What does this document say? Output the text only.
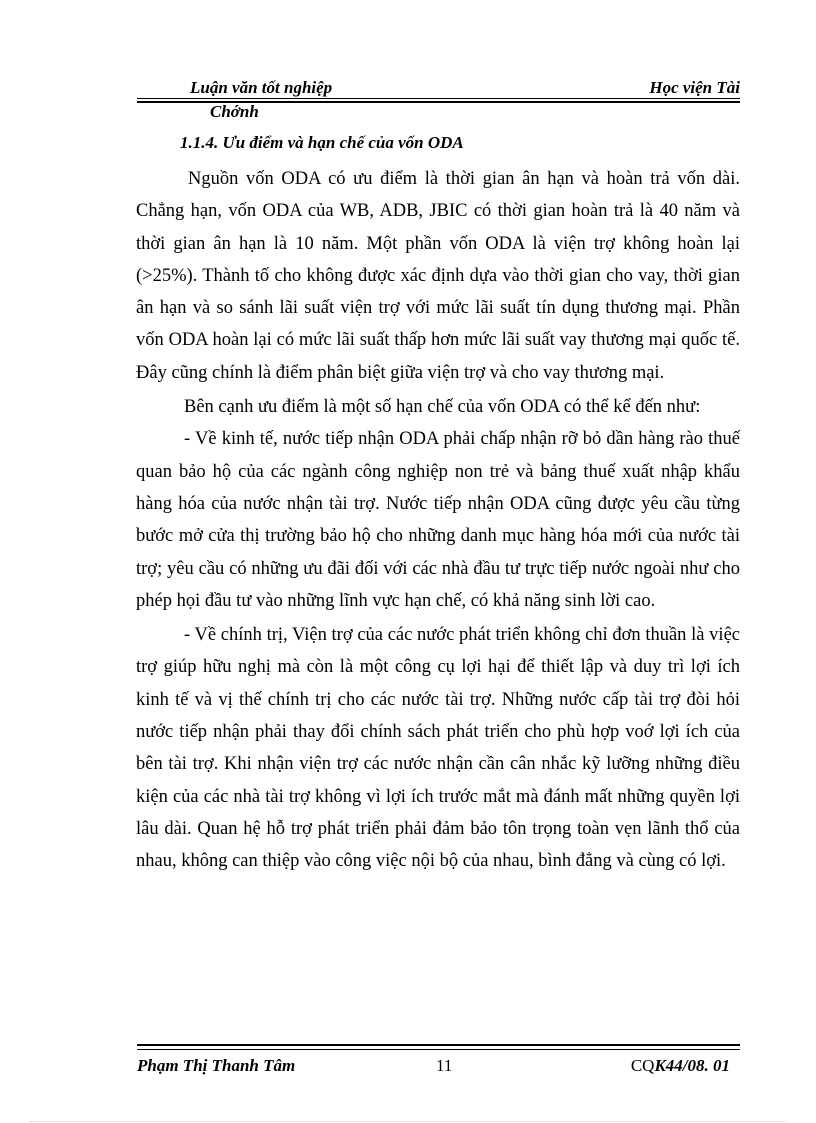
Luận văn tốt nghiệp	Học viện Tài
Chớnh
1.1.4. Ưu điểm và hạn chế của vốn ODA

Nguồn vốn ODA có ưu điểm là thời gian ân hạn và hoàn trả vốn dài. Chẳng hạn, vốn ODA của WB, ADB, JBIC có thời gian hoàn trả là 40 năm và thời gian ân hạn là 10 năm. Một phần vốn ODA là viện trợ không hoàn lại (>25%). Thành tố cho không được xác định dựa vào thời gian cho vay, thời gian ân hạn và so sánh lãi suất viện trợ với mức lãi suất tín dụng thương mại. Phần vốn ODA hoàn lại có mức lãi suất thấp hơn mức lãi suất vay thương mại quốc tế. Đây cũng chính là điểm phân biệt giữa viện trợ và cho vay thương mại.

Bên cạnh ưu điểm là một số hạn chế của vốn ODA có thể kể đến như:

- Về kinh tế, nước tiếp nhận ODA phải chấp nhận rỡ bỏ dần hàng rào thuế quan bảo hộ của các ngành công nghiệp non trẻ và bảng thuế xuất nhập khẩu hàng hóa của nước nhận tài trợ. Nước tiếp nhận ODA cũng được yêu cầu từng bước mở cửa thị trường bảo hộ cho những danh mục hàng hóa mới của nước tài trợ; yêu cầu có những ưu đãi đối với các nhà đầu tư trực tiếp nước ngoài như cho phép họi đầu tư vào những lĩnh vực hạn chế, có khả năng sinh lời cao.

- Về chính trị, Viện trợ của các nước phát triển không chỉ đơn thuần là việc trợ giúp hữu nghị mà còn là một công cụ lợi hại để thiết lập và duy trì lợi ích kinh tế và vị thế chính trị cho các nước tài trợ. Những nước cấp tài trợ đòi hỏi nước tiếp nhận phải thay đổi chính sách phát triển cho phù hợp voớ lợi ích của bên tài trợ. Khi nhận viện trợ các nước nhận cần cân nhắc kỹ lưỡng những điều kiện của các nhà tài trợ không vì lợi ích trước mắt mà đánh mất những quyền lợi lâu dài. Quan hệ hỗ trợ phát triển phải đảm bảo tôn trọng toàn vẹn lãnh thổ của nhau, không can thiệp vào công việc nội bộ của nhau, bình đẳng và cùng có lợi.

Phạm Thị Thanh Tâm	11	CQK44/08. 01
